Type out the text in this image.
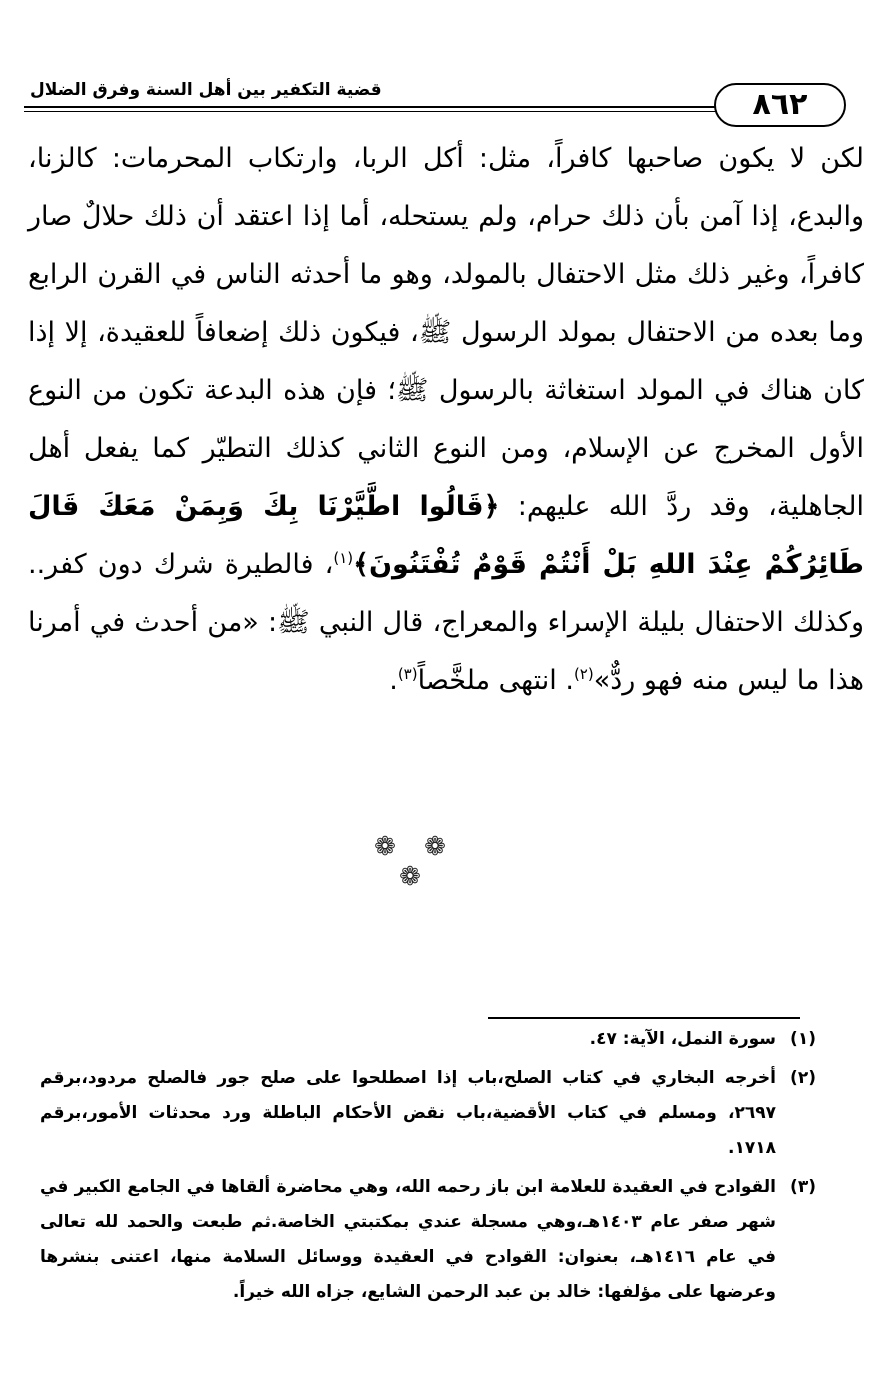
قضية التكفير بين أهل السنة وفرق الضلال	٨٦٢

لكن لا يكون صاحبها كافراً، مثل: أكل الربا، وارتكاب المحرمات: كالزنا، والبدع، إذا آمن بأن ذلك حرام، ولم يستحله، أما إذا اعتقد أن ذلك حلالٌ صار كافراً، وغير ذلك مثل الاحتفال بالمولد، وهو ما أحدثه الناس في القرن الرابع وما بعده من الاحتفال بمولد الرسول ﷺ، فيكون ذلك إضعافاً للعقيدة، إلا إذا كان هناك في المولد استغاثة بالرسول ﷺ؛ فإن هذه البدعة تكون من النوع الأول المخرج عن الإسلام، ومن النوع الثاني كذلك التطيّر كما يفعل أهل الجاهلية، وقد ردَّ الله عليهم: ﴿قَالُوا اطَّيَّرْنَا بِكَ وَبِمَنْ مَعَكَ قَالَ طَائِرُكُمْ عِنْدَ اللهِ بَلْ أَنْتُمْ قَوْمٌ تُفْتَنُونَ﴾$^{(١)}$، فالطيرة شرك دون كفر.. وكذلك الاحتفال بليلة الإسراء والمعراج، قال النبي ﷺ: «من أحدث في أمرنا هذا ما ليس منه فهو ردٌّ»$^{(٢)}$. انتهى ملخَّصاً$^{(٣)}$.

❁ ❁ ❁

(١)سورة النمل، الآية: ٤٧.

(٢)أخرجه البخاري في كتاب الصلح،باب إذا اصطلحوا على صلح جور فالصلح مردود،برقم ٢٦٩٧، ومسلم في كتاب الأقضية،باب نقض الأحكام الباطلة ورد محدثات الأمور،برقم ١٧١٨.

(٣)القوادح في العقيدة للعلامة ابن باز رحمه الله، وهي محاضرة ألقاها في الجامع الكبير في شهر صفر عام ١٤٠٣هـ،وهي مسجلة عندي بمكتبتي الخاصة.ثم طبعت والحمد لله تعالى في عام ١٤١٦هـ، بعنوان: القوادح في العقيدة ووسائل السلامة منها، اعتنى بنشرها وعرضها على مؤلفها: خالد بن عبد الرحمن الشايع، جزاه الله خيراً.
